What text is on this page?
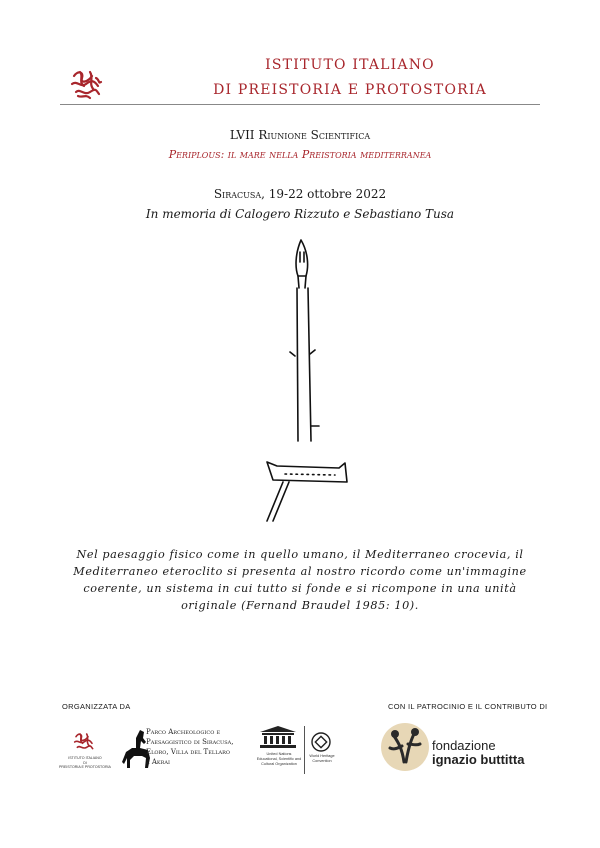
ISTITUTO ITALIANO
DI PREISTORIA E PROTOSTORIA
LVII Riunione Scientifica
Periplous: il mare nella Preistoria mediterranea
Siracusa, 19-22 ottobre 2022
In memoria di Calogero Rizzuto e Sebastiano Tusa
Nel paesaggio fisico come in quello umano, il Mediterraneo crocevia, il Mediterraneo eteroclito si presenta al nostro ricordo come un'immagine coerente, un sistema in cui tutto si fonde e si ricompone in una unità originale (Fernand Braudel 1985: 10).
ORGANIZZATA DA	CON IL PATROCINIO E IL CONTRIBUTO DI
ISTITUTO ITALIANO
DI
PREISTORIA E PROTOSTORIA
Parco Archeologico e
Paesaggistico di Siracusa,
Eloro, Villa del Tellaro
e Akrai
United Nations
Educational, Scientific and
Cultural Organization
World Heritage
Convention
fondazione
ignazio buttitta
